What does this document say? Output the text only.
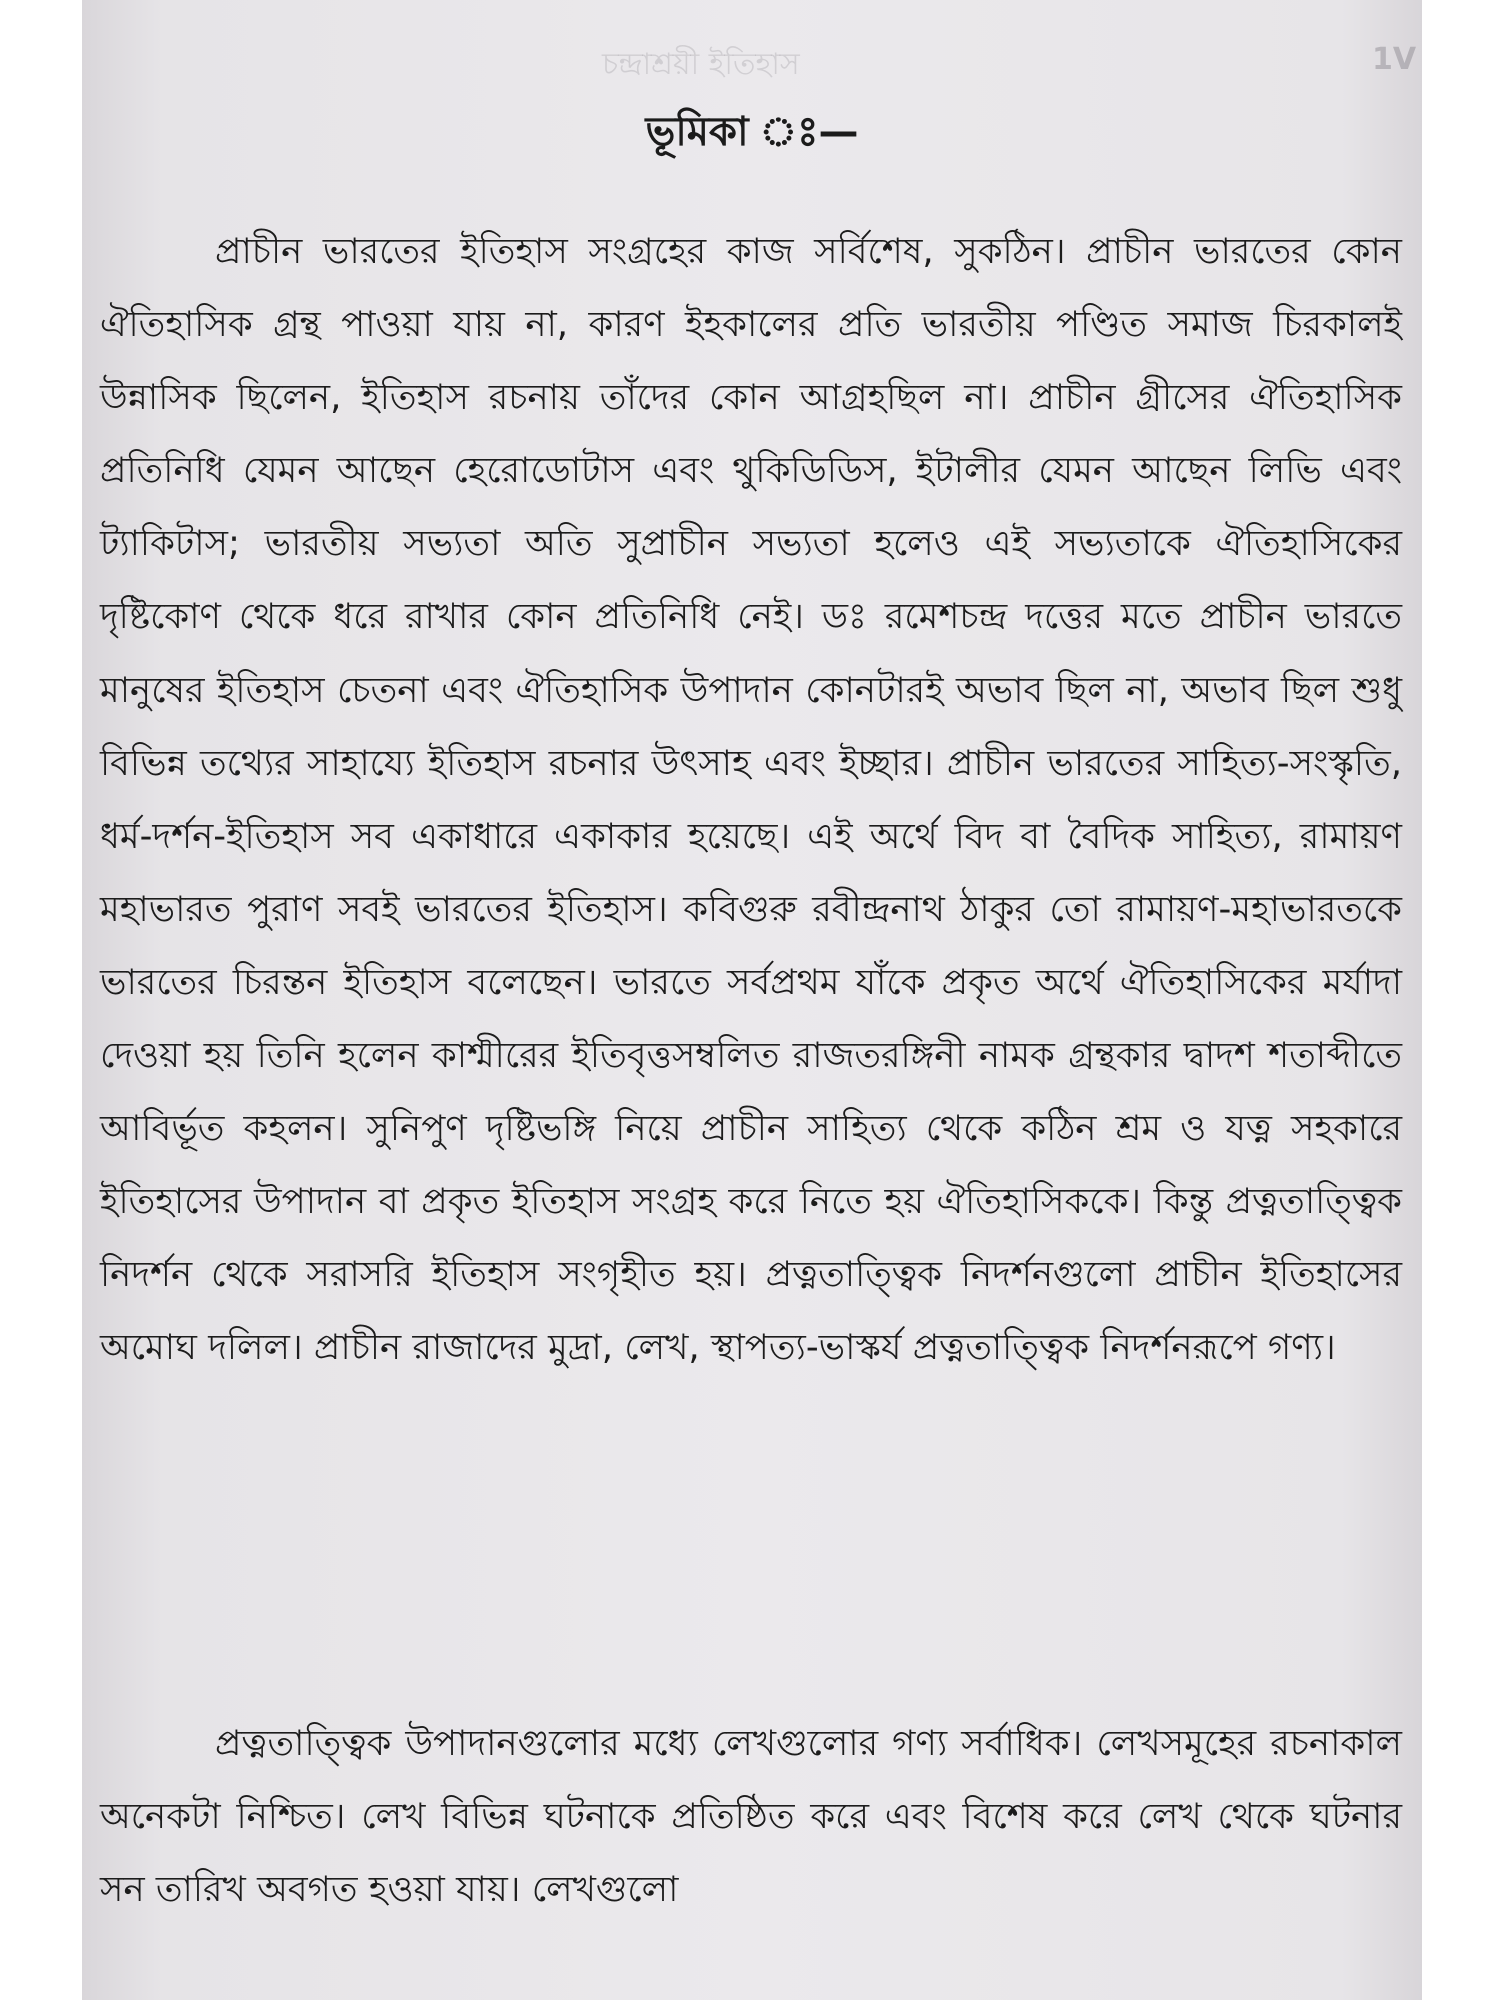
চন্দ্রাশ্রয়ী ইতিহাস	1V
ভূমিকা ঃ—
প্রাচীন ভারতের ইতিহাস সংগ্রহের কাজ সর্বিশেষ, সুকঠিন। প্রাচীন ভারতের কোন ঐতিহাসিক গ্রন্থ পাওয়া যায় না, কারণ ইহকালের প্রতি ভারতীয় পণ্ডিত সমাজ চিরকালই উন্নাসিক ছিলেন, ইতিহাস রচনায় তাঁদের কোন আগ্রহছিল না। প্রাচীন গ্রীসের ঐতিহাসিক প্রতিনিধি যেমন আছেন হেরোডোটাস এবং থুকিডিডিস, ইটালীর যেমন আছেন লিভি এবং ট্যাকিটাস; ভারতীয় সভ্যতা অতি সুপ্রাচীন সভ্যতা হলেও এই সভ্যতাকে ঐতিহাসিকের দৃষ্টিকোণ থেকে ধরে রাখার কোন প্রতিনিধি নেই। ডঃ রমেশচন্দ্র দত্তের মতে প্রাচীন ভারতে মানুষের ইতিহাস চেতনা এবং ঐতিহাসিক উপাদান কোনটারই অভাব ছিল না, অভাব ছিল শুধু বিভিন্ন তথ্যের সাহায্যে ইতিহাস রচনার উৎসাহ এবং ইচ্ছার। প্রাচীন ভারতের সাহিত্য-সংস্কৃতি, ধর্ম-দর্শন-ইতিহাস সব একাধারে একাকার হয়েছে। এই অর্থে বিদ বা বৈদিক সাহিত্য, রামায়ণ মহাভারত পুরাণ সবই ভারতের ইতিহাস। কবিগুরু রবীন্দ্রনাথ ঠাকুর তো রামায়ণ-মহাভারতকে ভারতের চিরন্তন ইতিহাস বলেছেন। ভারতে সর্বপ্রথম যাঁকে প্রকৃত অর্থে ঐতিহাসিকের মর্যাদা দেওয়া হয় তিনি হলেন কাশ্মীরের ইতিবৃত্তসম্বলিত রাজতরঙ্গিনী নামক গ্রন্থকার দ্বাদশ শতাব্দীতে আবির্ভূত কহলন। সুনিপুণ দৃষ্টিভঙ্গি নিয়ে প্রাচীন সাহিত্য থেকে কঠিন শ্রম ও যত্ন সহকারে ইতিহাসের উপাদান বা প্রকৃত ইতিহাস সংগ্রহ করে নিতে হয় ঐতিহাসিককে। কিন্তু প্রত্নতাত্ত্বিক নিদর্শন থেকে সরাসরি ইতিহাস সংগৃহীত হয়। প্রত্নতাত্ত্বিক নিদর্শনগুলো প্রাচীন ইতিহাসের অমোঘ দলিল। প্রাচীন রাজাদের মুদ্রা, লেখ, স্থাপত্য-ভাস্কর্য প্রত্নতাত্ত্বিক নিদর্শনরূপে গণ্য।
প্রত্নতাত্ত্বিক উপাদানগুলোর মধ্যে লেখগুলোর গণ্য সর্বাধিক। লেখসমূহের রচনাকাল অনেকটা নিশ্চিত। লেখ বিভিন্ন ঘটনাকে প্রতিষ্ঠিত করে এবং বিশেষ করে লেখ থেকে ঘটনার সন তারিখ অবগত হওয়া যায়। লেখগুলো
